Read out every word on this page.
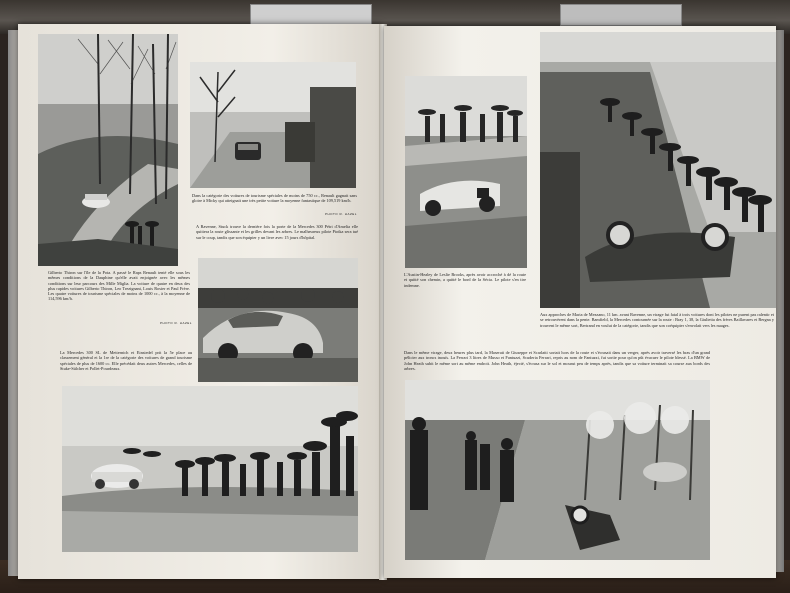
Dans la catégorie des voitures de tourisme spéciales de moins de 750 cc., Renault gagnait sans gloire à Micky qui atteignait une très petite voiture la moyenne fantastique de 109,519 km/h.

PHOTO R. HAZEL

A Ravenne, Stuck trouve la dernière fois la porte de la Mercedes 300 Pétri d'Amelia elle quittera la route glissante et les grilles devant les arbres. Le malheureux pilote Piotka sera tué sur le coup, tandis que son équipier y un livre avec 15 jours d'hôpital.

Gilberto Thiron sur l'île de la Pota. A passé le Raps Renault tenté elle sous les mêmes conditions de la Dauphine qu'elle avait enjoignée avec les mêmes conditions sur leur parcours des Mille Miglia. La voiture de quatre en deux des plus rapides voitures Gilberto Thiron, Leo Trezignani, Louis Rosier et Paul Frère. Les quatre voitures de tourisme spéciales de moins de 1000 cc., à la moyenne de 114,596 km/h.

PHOTO R. HAZEL

La Mercedes 300 SL de Metternich et Einsiedel prit la 5e place au classement général et la 1re de la catégorie des voitures de grand tourisme spéciales de plus de 1600 cc. Elle précédait deux autres Mercedes, celles de Stuke-Sülcher et Pollet-Pourdeaux.

L'Austin-Healey de Leslie Brooks, après avoir accroché à dé la route et quitté son chemin, a quitté le bord de la Sécia. Le pilote s'en tire indemne.

Aux approches de Maria de Mezzano, 11 km. avant Ravenne, un virage fut fatal à trois voitures dont les pilotes ne purent pas ralentir et se retrouvèrent dans la pente. Bamfield, la Mercedes contournée sur la route : Bray 1, 38, la Giulietta des frères Baillavares et Bergna y trouvent le même sort, Bertrand en voulut de la catégorie, tandis que son coéquipier s'envolait vers les nuages.

Dans le même virage, deux heures plus tard, la Maserati de Giuseppe et Scarlatti sortait hors de la route et s'écrasait dans un verger, après avoir traversé les bras d'un grand pélicier aux troncs inouïs. La Ferrari 3 litres de Musso et Fantuzzi, Scuderia Ferrari, repris au nom de Fantuzzi, fut sortie pour qu'on pût évacuer le pilote blessé. La BMW de John Heath subit le même sort au même endroit. John Heath, éjecté, s'écrasa sur le sol et mourut peu de temps après, tandis que sa voiture terminait sa course aux bords des arbres.
